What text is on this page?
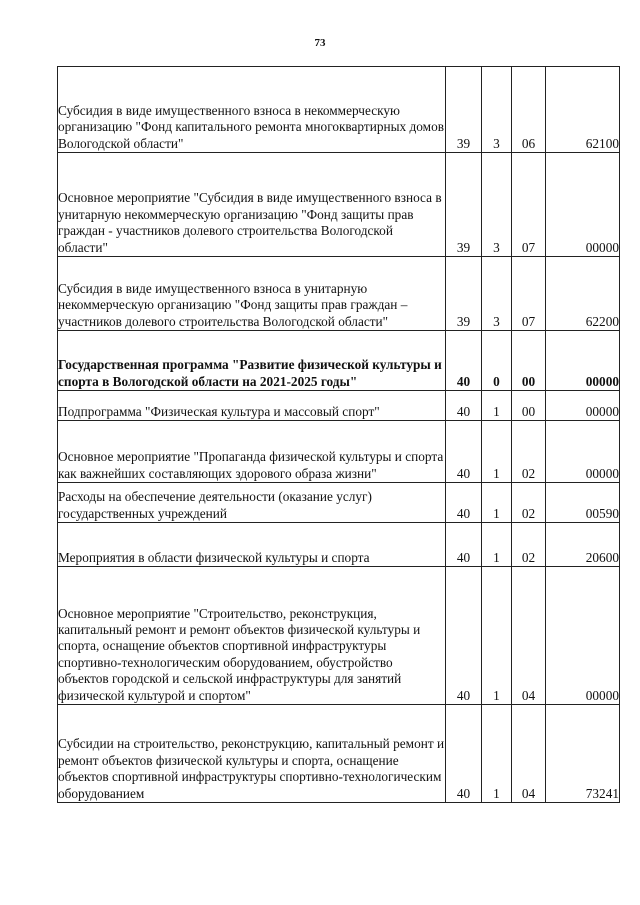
73
Субсидия в виде имущественного взноса в некоммерческую организацию "Фонд капитального ремонта многоквартирных домов Вологодской области"	39	3	06	62100
Основное мероприятие "Субсидия в виде имущественного взноса в унитарную некоммерческую организацию "Фонд защиты прав граждан - участников долевого строительства Вологодской области"	39	3	07	00000
Субсидия в виде имущественного взноса в унитарную некоммерческую организацию "Фонд защиты прав граждан – участников долевого строительства Вологодской области"	39	3	07	62200
Государственная программа "Развитие физической культуры и спорта в Вологодской области на 2021-2025 годы"	40	0	00	00000
Подпрограмма "Физическая культура и массовый спорт"	40	1	00	00000
Основное мероприятие "Пропаганда физической культуры и спорта как важнейших составляющих здорового образа жизни"	40	1	02	00000
Расходы на обеспечение деятельности (оказание услуг) государственных учреждений	40	1	02	00590
Мероприятия в области физической культуры и спорта	40	1	02	20600
Основное мероприятие "Строительство, реконструкция, капитальный ремонт и ремонт объектов физической культуры и спорта, оснащение объектов спортивной инфраструктуры спортивно-технологическим оборудованием, обустройство объектов городской и сельской инфраструктуры для занятий физической культурой и спортом"	40	1	04	00000
Субсидии на строительство, реконструкцию, капитальный ремонт и ремонт объектов физической культуры и спорта, оснащение объектов спортивной инфраструктуры спортивно-технологическим оборудованием	40	1	04	73241
